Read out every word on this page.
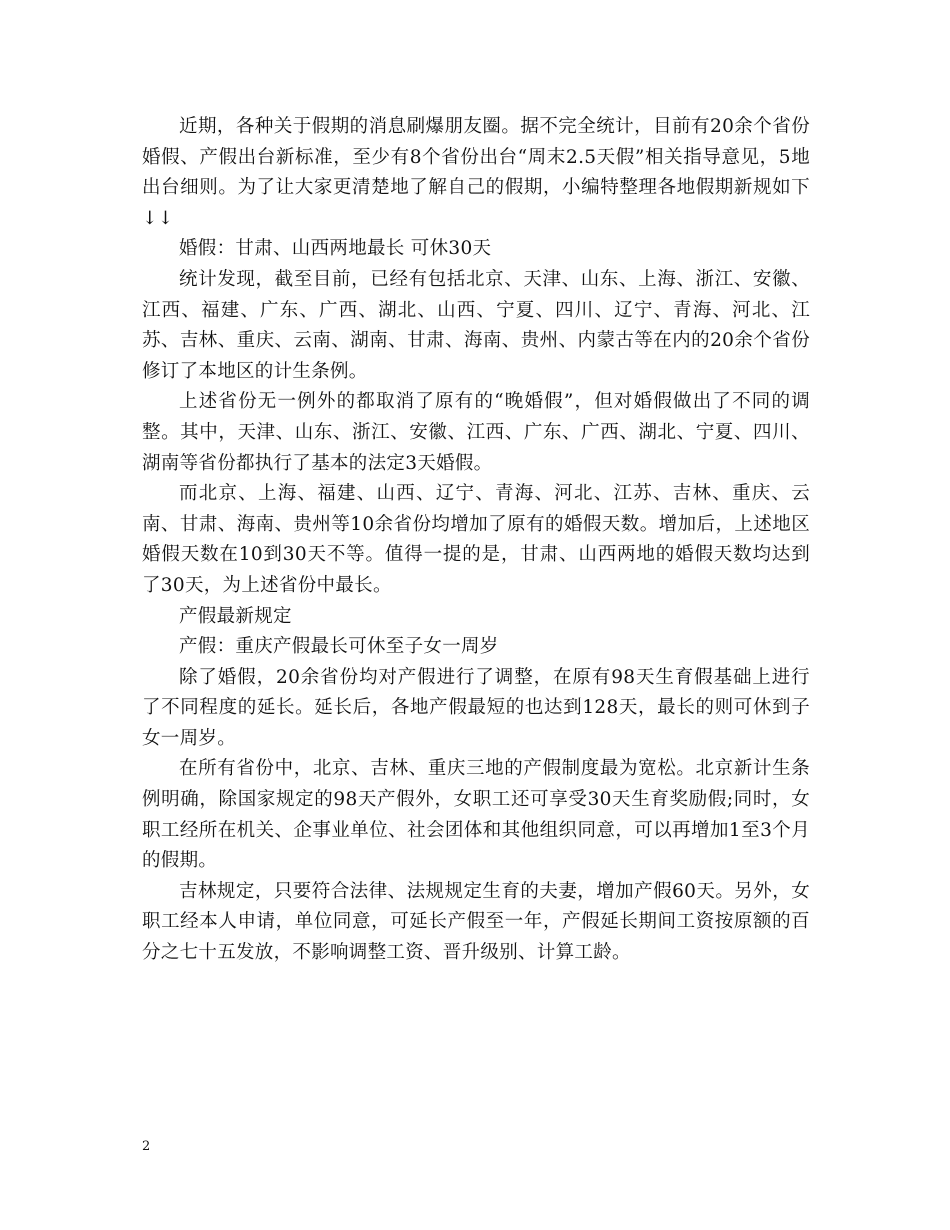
近期，各种关于假期的消息刷爆朋友圈。据不完全统计，目前有20余个省份婚假、产假出台新标准，至少有8个省份出台“周末2.5天假”相关指导意见，5地出台细则。为了让大家更清楚地了解自己的假期，小编特整理各地假期新规如下↓↓

婚假：甘肃、山西两地最长 可休30天

统计发现，截至目前，已经有包括北京、天津、山东、上海、浙江、安徽、江西、福建、广东、广西、湖北、山西、宁夏、四川、辽宁、青海、河北、江苏、吉林、重庆、云南、湖南、甘肃、海南、贵州、内蒙古等在内的20余个省份修订了本地区的计生条例。

上述省份无一例外的都取消了原有的“晚婚假”，但对婚假做出了不同的调整。其中，天津、山东、浙江、安徽、江西、广东、广西、湖北、宁夏、四川、湖南等省份都执行了基本的法定3天婚假。

而北京、上海、福建、山西、辽宁、青海、河北、江苏、吉林、重庆、云南、甘肃、海南、贵州等10余省份均增加了原有的婚假天数。增加后，上述地区婚假天数在10到30天不等。值得一提的是，甘肃、山西两地的婚假天数均达到了30天，为上述省份中最长。

产假最新规定

产假：重庆产假最长可休至子女一周岁

除了婚假，20余省份均对产假进行了调整，在原有98天生育假基础上进行了不同程度的延长。延长后，各地产假最短的也达到128天，最长的则可休到子女一周岁。

在所有省份中，北京、吉林、重庆三地的产假制度最为宽松。北京新计生条例明确，除国家规定的98天产假外，女职工还可享受30天生育奖励假;同时，女职工经所在机关、企事业单位、社会团体和其他组织同意，可以再增加1至3个月的假期。

吉林规定，只要符合法律、法规规定生育的夫妻，增加产假60天。另外，女职工经本人申请，单位同意，可延长产假至一年，产假延长期间工资按原额的百分之七十五发放，不影响调整工资、晋升级别、计算工龄。

2
